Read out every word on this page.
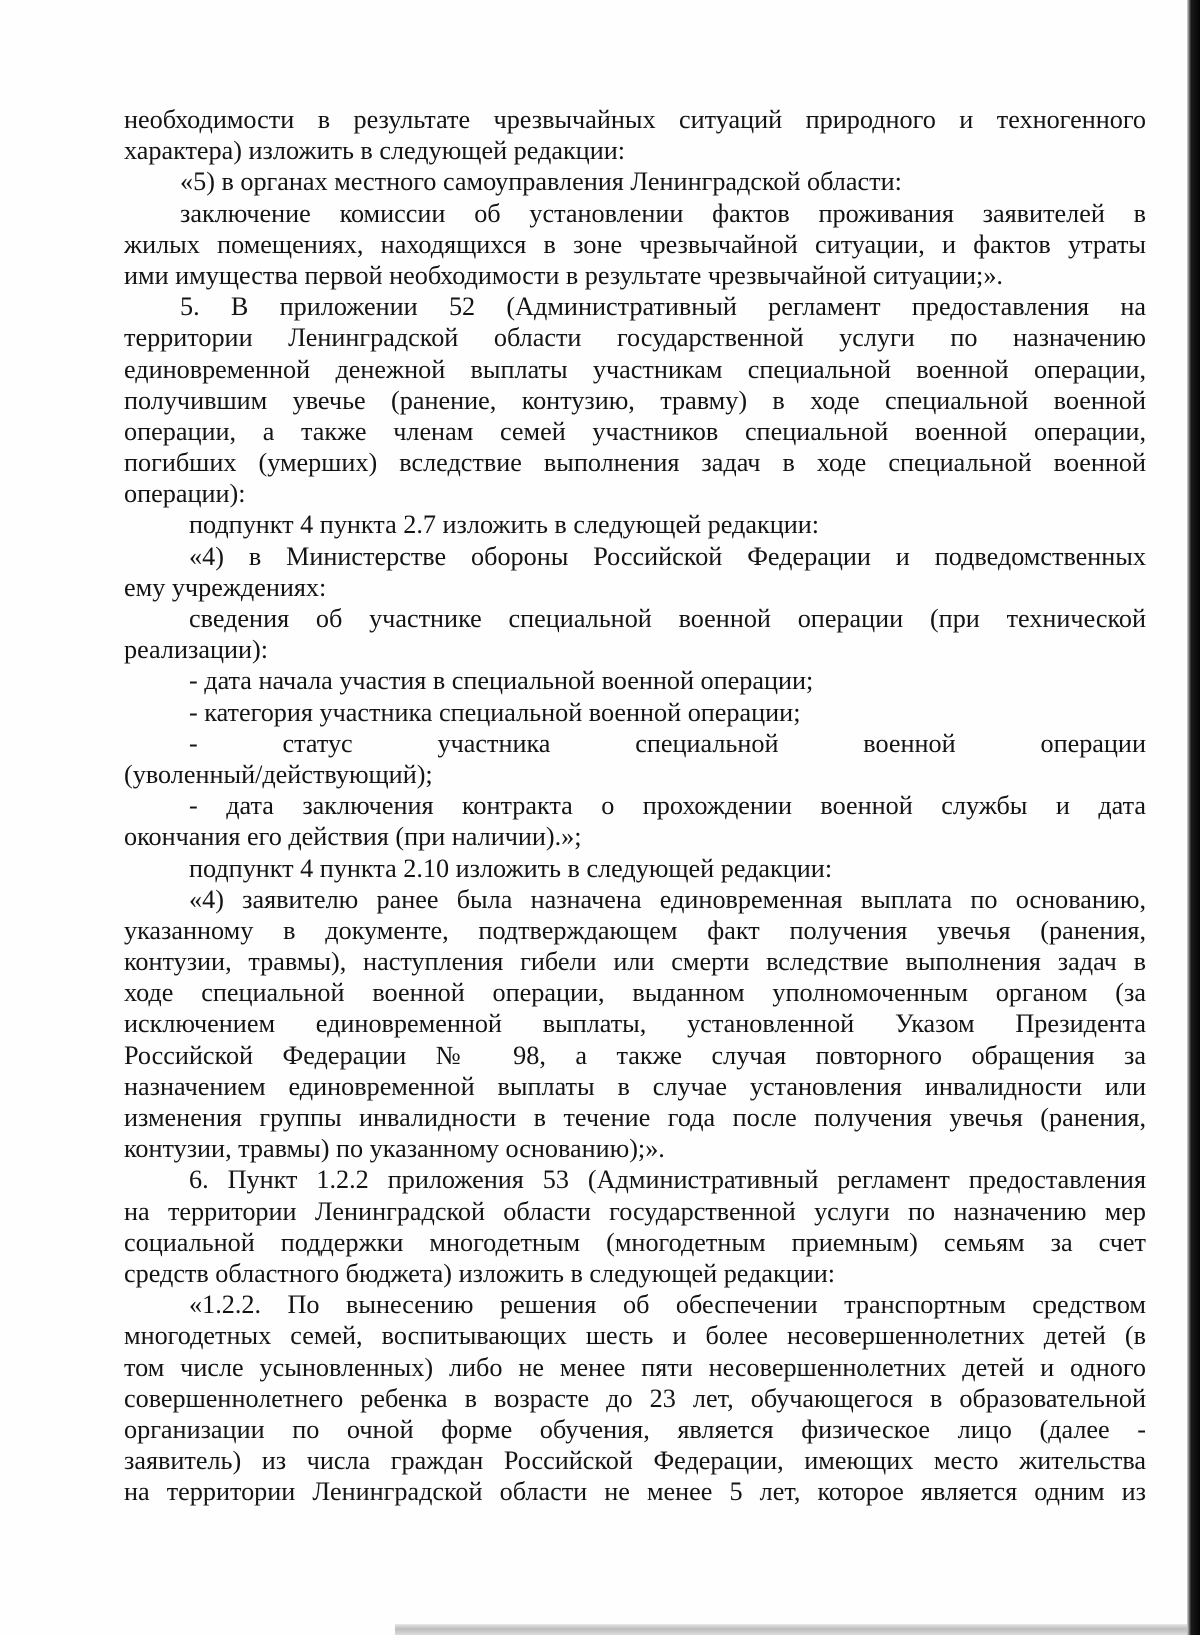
необходимости в результате чрезвычайных ситуаций природного и техногенного
характера) изложить в следующей редакции:
«5) в органах местного самоуправления Ленинградской области:
заключение комиссии об установлении фактов проживания заявителей в
жилых помещениях, находящихся в зоне чрезвычайной ситуации, и фактов утраты
ими имущества первой необходимости в результате чрезвычайной ситуации;».
5. В приложении 52 (Административный регламент предоставления на
территории Ленинградской области государственной услуги по назначению
единовременной денежной выплаты участникам специальной военной операции,
получившим увечье (ранение, контузию, травму) в ходе специальной военной
операции, а также членам семей участников специальной военной операции,
погибших (умерших) вследствие выполнения задач в ходе специальной военной
операции):
подпункт 4 пункта 2.7 изложить в следующей редакции:
«4) в Министерстве обороны Российской Федерации и подведомственных
ему учреждениях:
сведения об участнике специальной военной операции (при технической
реализации):
- дата начала участия в специальной военной операции;
- категория участника специальной военной операции;
-	статус	участника	специальной	военной	операции
(уволенный/действующий);
- дата заключения контракта о прохождении военной службы и дата
окончания его действия (при наличии).»;
подпункт 4 пункта 2.10 изложить в следующей редакции:
«4) заявителю ранее была назначена единовременная выплата по основанию,
указанному в документе, подтверждающем факт получения увечья (ранения,
контузии, травмы), наступления гибели или смерти вследствие выполнения задач в
ходе специальной военной операции, выданном уполномоченным органом (за
исключением единовременной выплаты, установленной Указом Президента
Российской Федерации № 98, а также случая повторного обращения за
назначением единовременной выплаты в случае установления инвалидности или
изменения группы инвалидности в течение года после получения увечья (ранения,
контузии, травмы) по указанному основанию);».
6. Пункт 1.2.2 приложения 53 (Административный регламент предоставления
на территории Ленинградской области государственной услуги по назначению мер
социальной поддержки многодетным (многодетным приемным) семьям за счет
средств областного бюджета) изложить в следующей редакции:
«1.2.2. По вынесению решения об обеспечении транспортным средством
многодетных семей, воспитывающих шесть и более несовершеннолетних детей (в
том числе усыновленных) либо не менее пяти несовершеннолетних детей и одного
совершеннолетнего ребенка в возрасте до 23 лет, обучающегося в образовательной
организации по очной форме обучения, является физическое лицо (далее -
заявитель) из числа граждан Российской Федерации, имеющих место жительства
на территории Ленинградской области не менее 5 лет, которое является одним из
